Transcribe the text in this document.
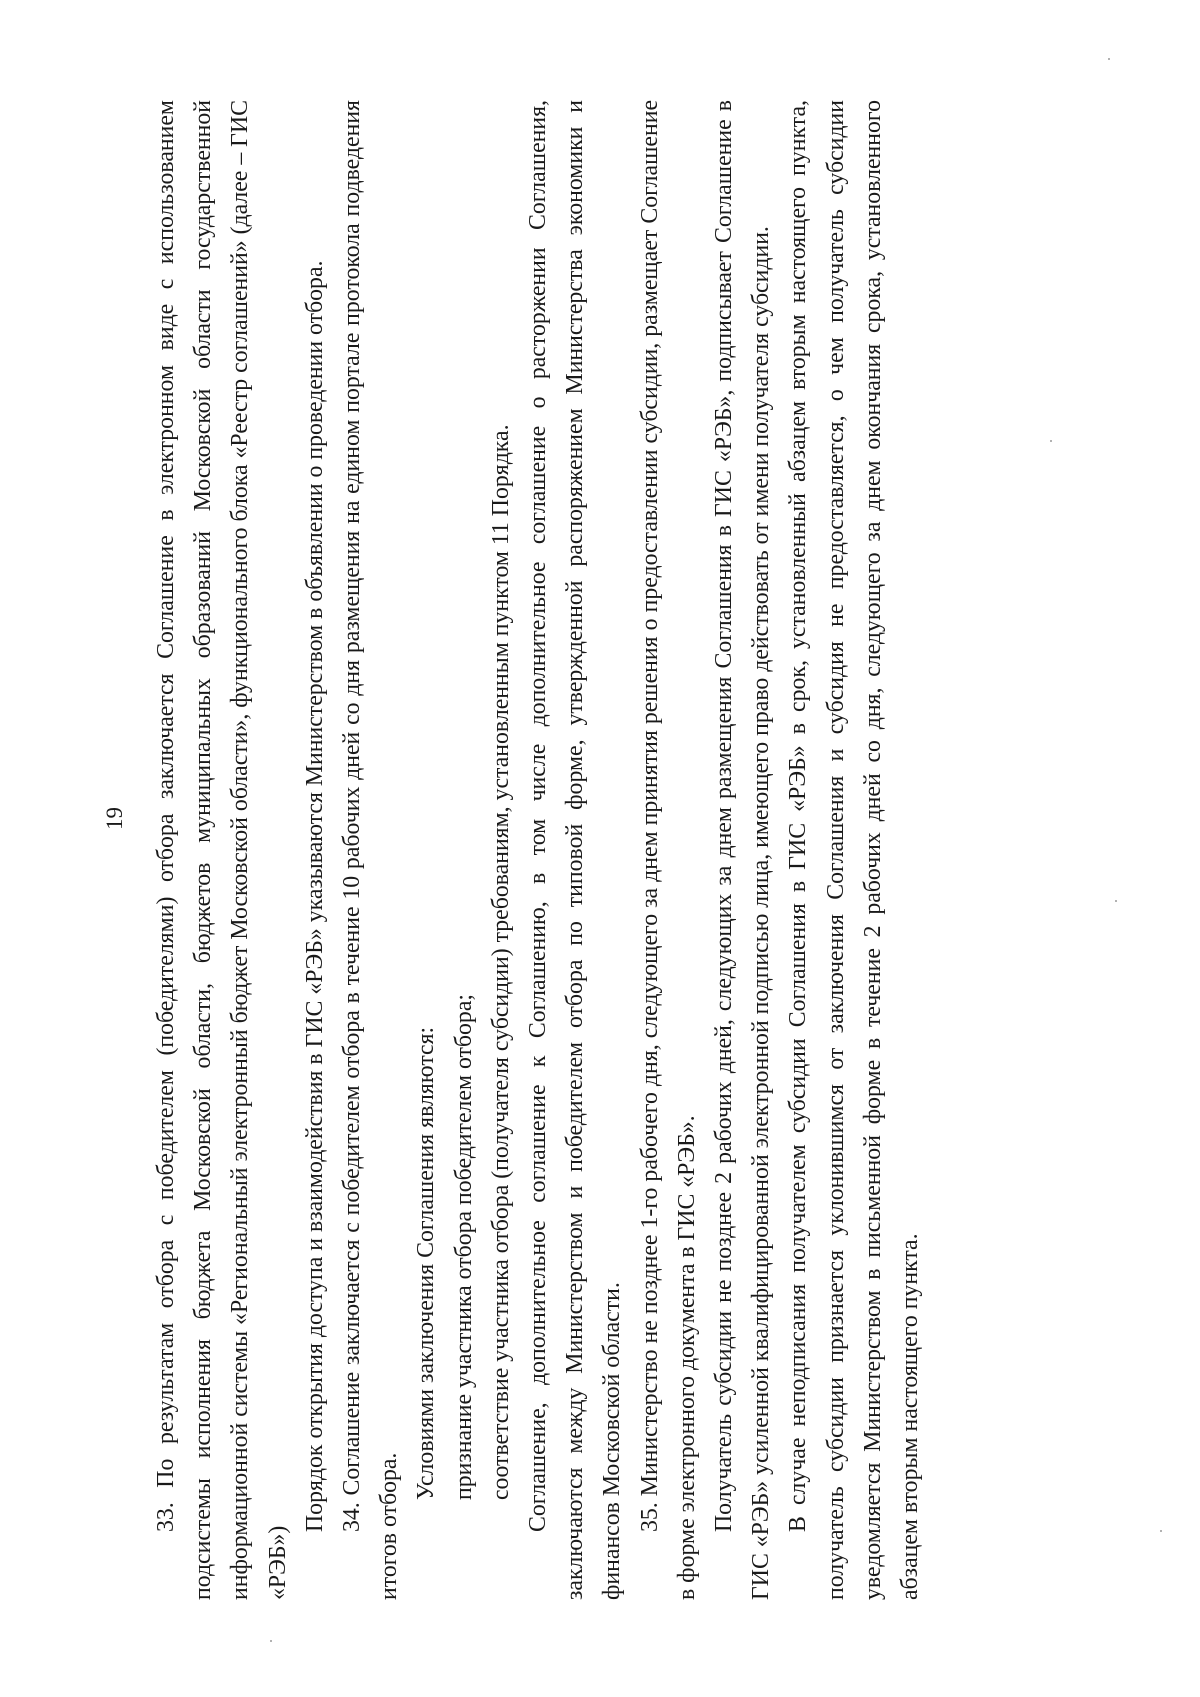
33. По результатам отбора с победителем (победителями) отбора заключается Соглашение в электронном виде с использованием подсистемы исполнения бюджета Московской области, бюджетов муниципальных образований Московской области государственной информационной системы «Региональный электронный бюджет Московской области», функционального блока «Реестр соглашений» (далее – ГИС «РЭБ»)

Порядок открытия доступа и взаимодействия в ГИС «РЭБ» указываются Министерством в объявлении о проведении отбора. 34. Соглашение заключается с победителем отбора в течение 10 рабочих дней со дня размещения на едином портале протокола подведения итогов отбора.

Условиями заключения Соглашения являются: признание участника отбора победителем отбора; соответствие участника отбора (получателя субсидии) требованиям, установленным пунктом 11 Порядка. Соглашение, дополнительное соглашение к Соглашению, в том числе дополнительное соглашение о расторжении Соглашения, заключаются между Министерством и победителем отбора по типовой форме, утвержденной распоряжением Министерства экономики и финансов Московской области. 35. Министерство не позднее 1-го рабочего дня, следующего за днем принятия решения о предоставлении субсидии, размещает Соглашение в форме электронного документа в ГИС «РЭБ». Получатель субсидии не позднее 2 рабочих дней, следующих за днем размещения Соглашения в ГИС «РЭБ», подписывает Соглашение в ГИС «РЭБ» усиленной квалифицированной электронной подписью лица, имеющего право действовать от имени получателя субсидии. В случае неподписания получателем субсидии Соглашения в ГИС «РЭБ» в срок, установленный абзацем вторым настоящего пункта, получатель субсидии признается уклонившимся от заключения Соглашения и субсидия не предоставляется, о чем получатель субсидии уведомляется Министерством в письменной форме в течение 2 рабочих дней со дня, следующего за днем окончания срока, установленного абзацем вторым настоящего пункта.

19
